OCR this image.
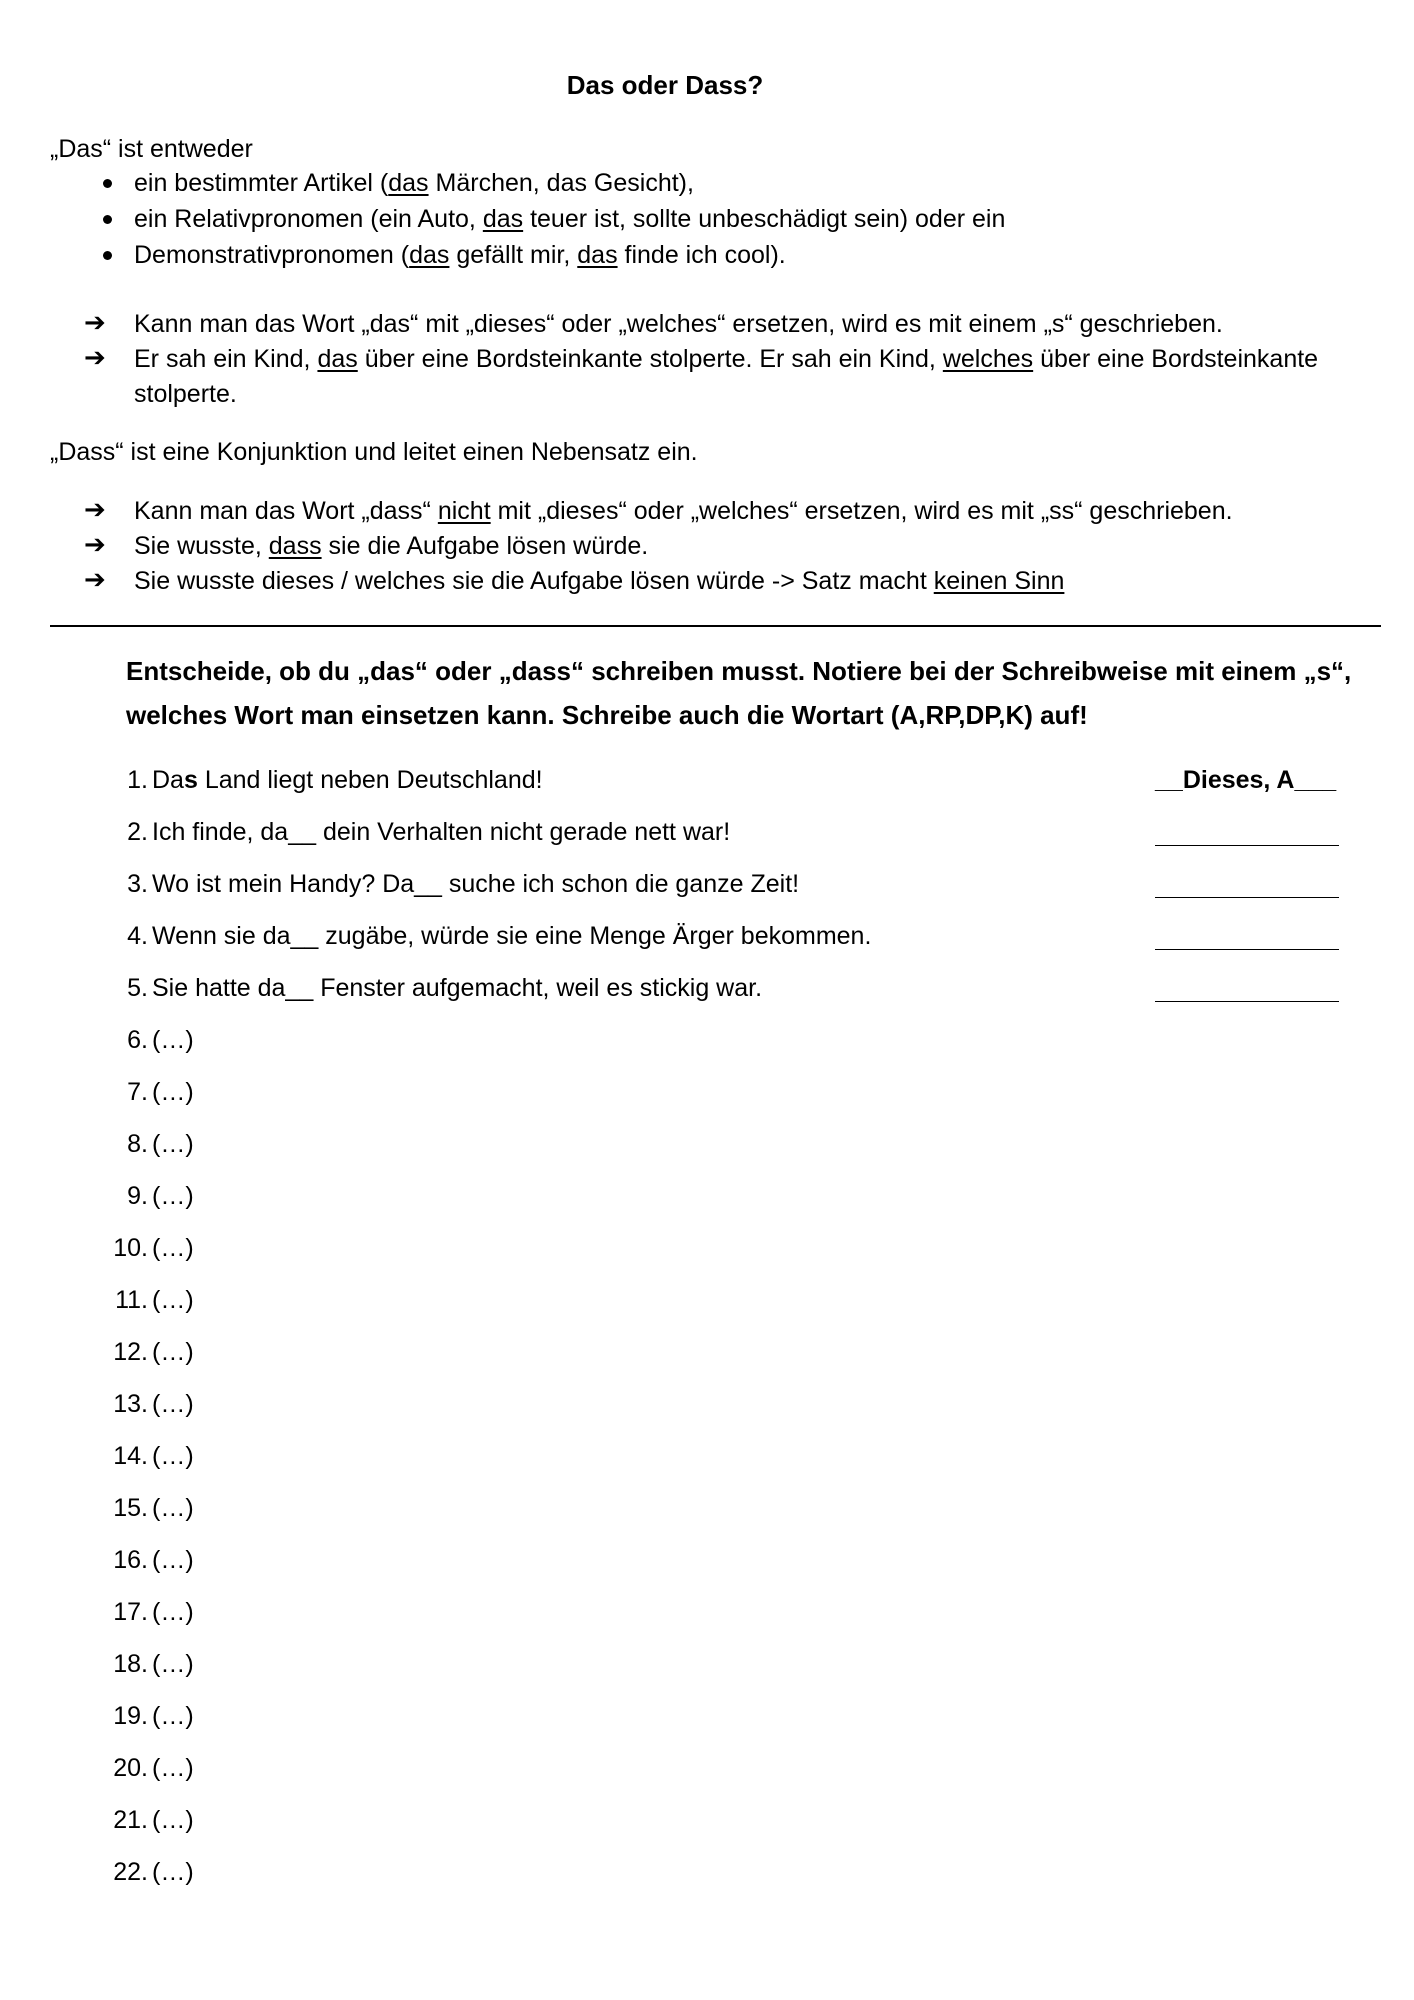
Das oder Dass?
„Das“ ist entweder
ein bestimmter Artikel (das Märchen, das Gesicht),
ein Relativpronomen (ein Auto, das teuer ist, sollte unbeschädigt sein) oder ein
Demonstrativpronomen (das gefällt mir, das finde ich cool).
➔ Kann man das Wort „das“ mit „dieses“ oder „welches“ ersetzen, wird es mit einem „s“ geschrieben.
➔ Er sah ein Kind, das über eine Bordsteinkante stolperte. Er sah ein Kind, welches über eine Bordsteinkante
stolperte.
„Dass“ ist eine Konjunktion und leitet einen Nebensatz ein.
➔ Kann man das Wort „dass“ nicht mit „dieses“ oder „welches“ ersetzen, wird es mit „ss“ geschrieben.
➔ Sie wusste, dass sie die Aufgabe lösen würde.
➔ Sie wusste dieses / welches sie die Aufgabe lösen würde -> Satz macht keinen Sinn
Entscheide, ob du „das“ oder „dass“ schreiben musst. Notiere bei der Schreibweise mit einem „s“,
welches Wort man einsetzen kann. Schreibe auch die Wortart (A,RP,DP,K) auf!
1. Das Land liegt neben Deutschland!	__Dieses, A___
2. Ich finde, da__ dein Verhalten nicht gerade nett war!
3. Wo ist mein Handy? Da__ suche ich schon die ganze Zeit!
4. Wenn sie da__ zugäbe, würde sie eine Menge Ärger bekommen.
5. Sie hatte da__ Fenster aufgemacht, weil es stickig war.
6. (…)
7. (…)
8. (…)
9. (…)
10. (…)
11. (…)
12. (…)
13. (…)
14. (…)
15. (…)
16. (…)
17. (…)
18. (…)
19. (…)
20. (…)
21. (…)
22. (…)
